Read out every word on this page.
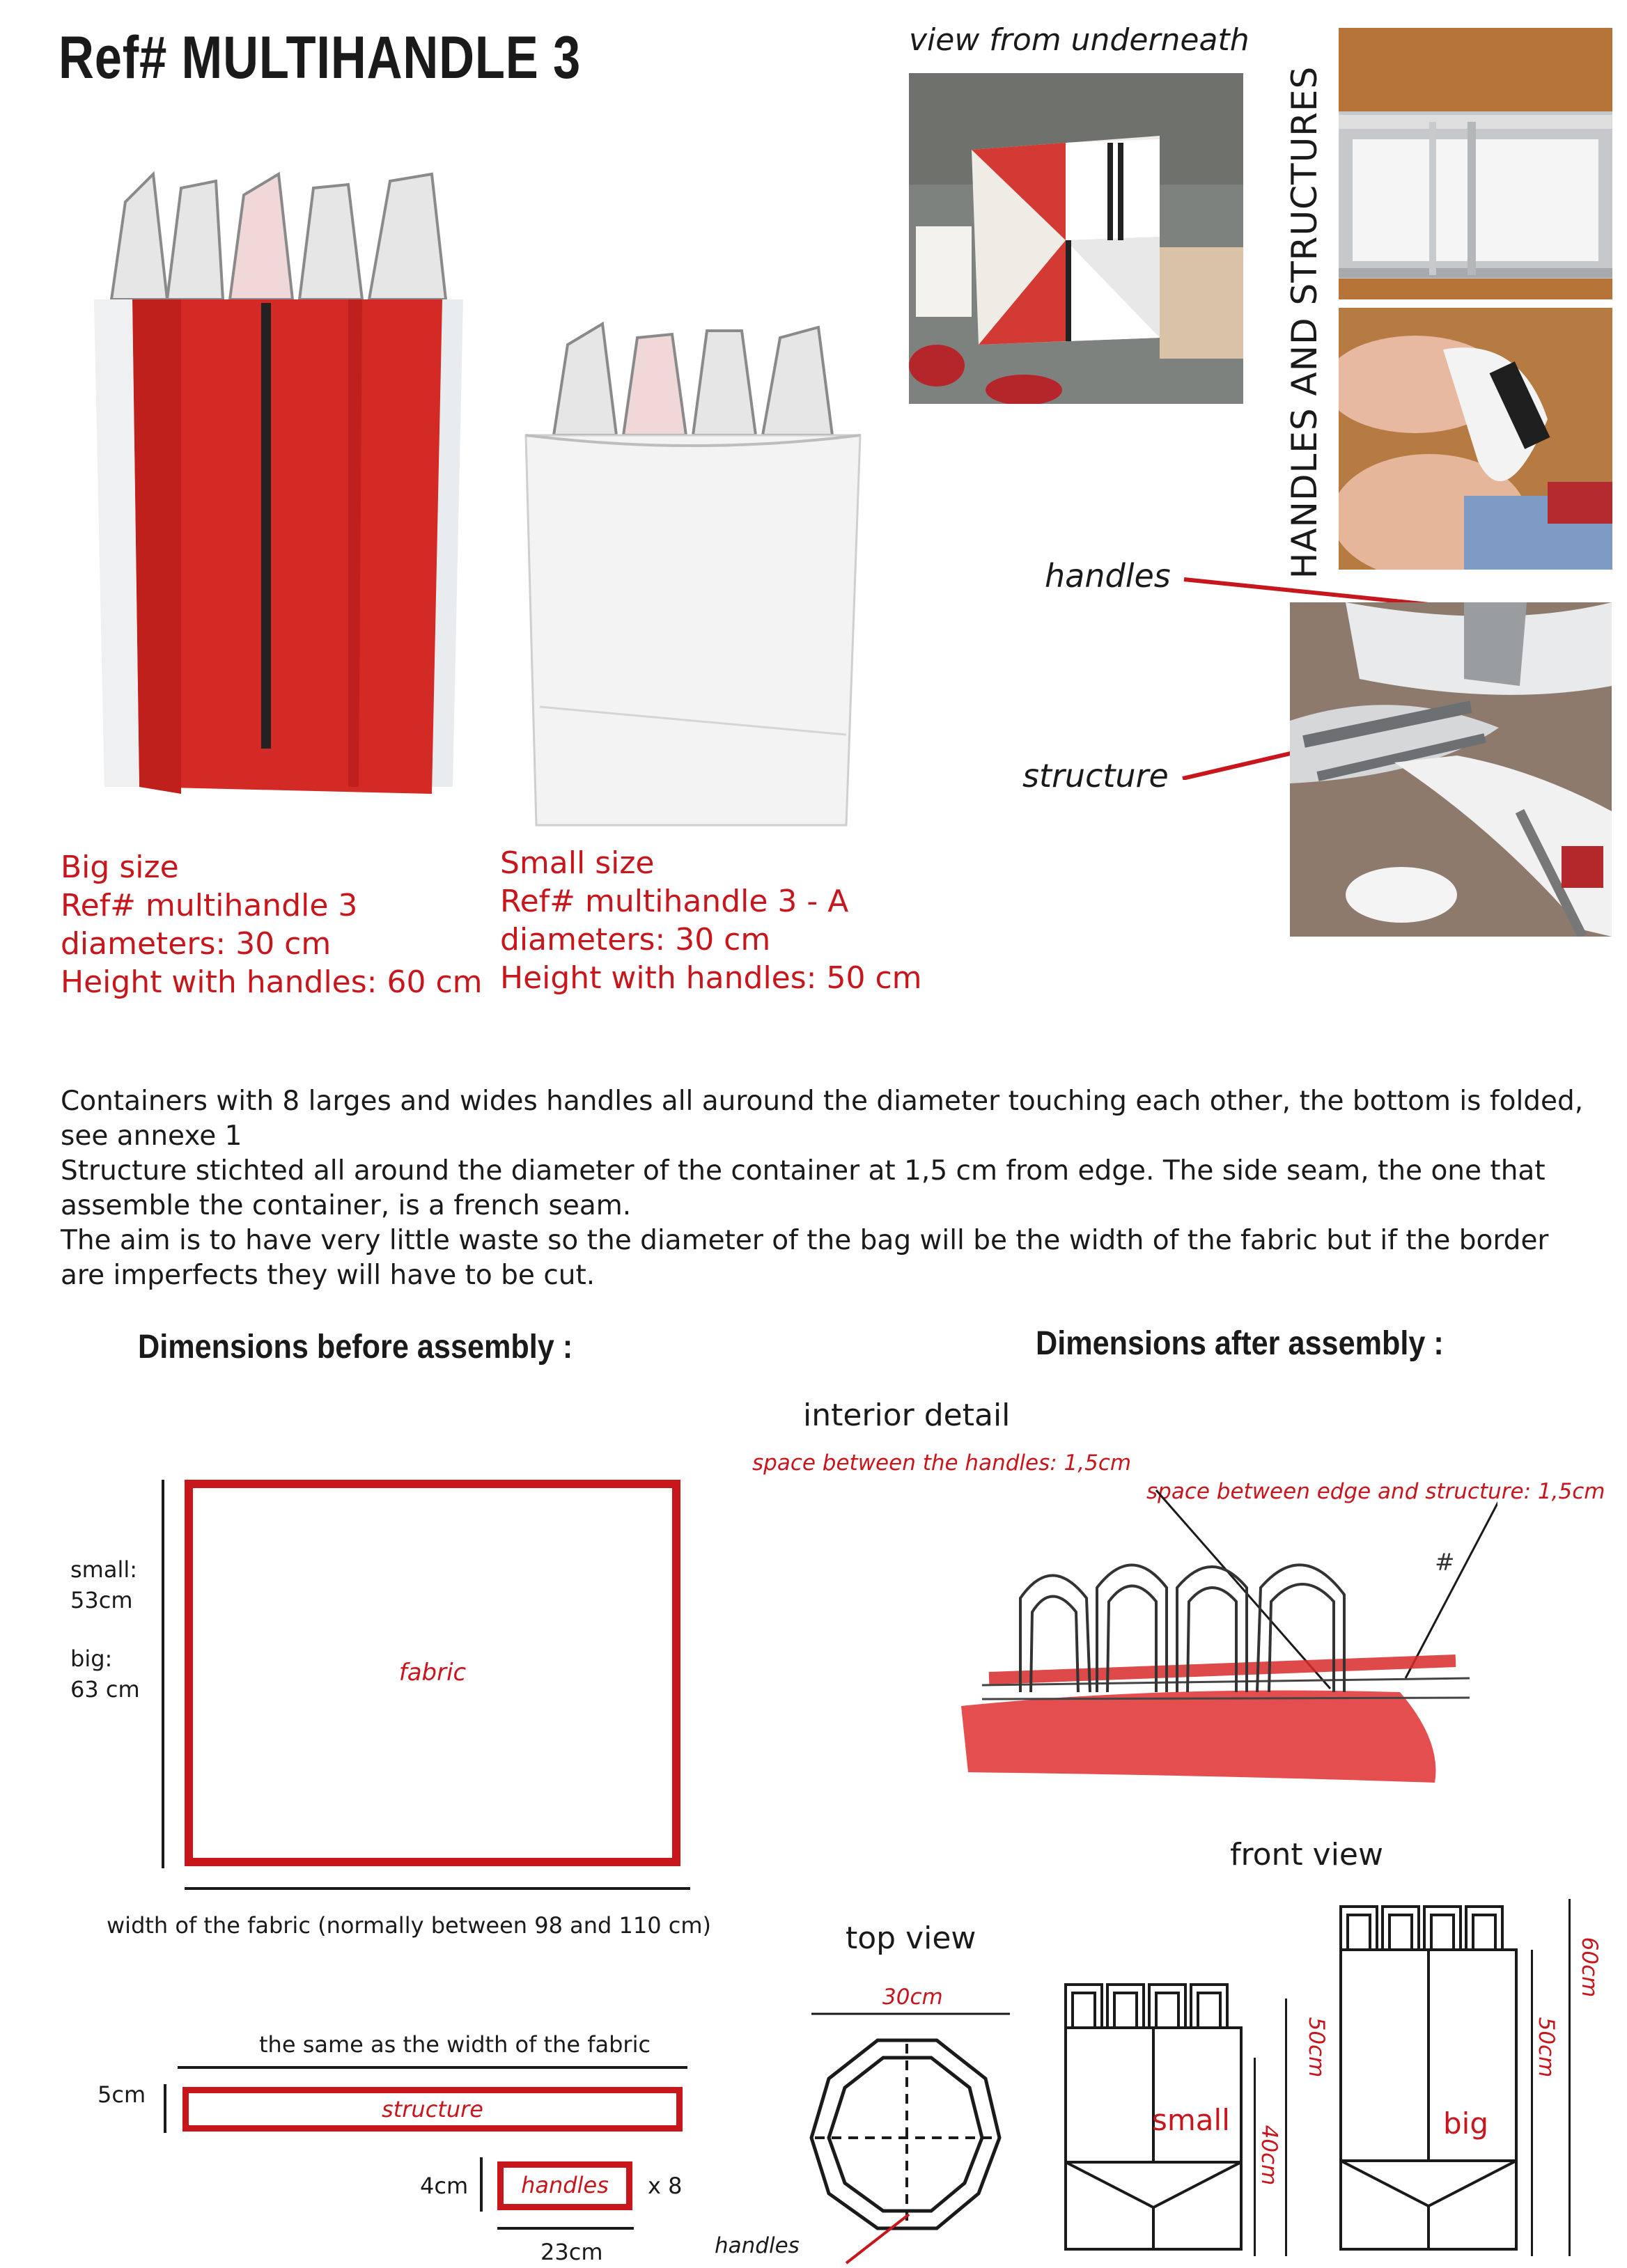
Ref# MULTIHANDLE 3
Big size
Ref# multihandle 3
diameters: 30 cm
Height with handles: 60 cm
Small size
Ref# multihandle 3 - A
diameters: 30 cm
Height with handles: 50 cm
view from underneath
HANDLES AND STRUCTURES
handles
structure
Containers with 8 larges and wides handles all auround the diameter touching each other, the bottom is folded, see annexe 1
Structure stichted all around the diameter of the container at 1,5 cm from edge. The side seam, the one that assemble the container, is a french seam.
The aim is to have very little waste so the diameter of the bag will be the width of the fabric but if the border are imperfects they will have to be cut.
Dimensions before assembly :
small:
53cm
big:
63 cm
fabric
width of the fabric (normally between 98 and 110 cm)
the same as the width of the fabric
5cm
structure
4cm	handles	x 8
23cm
Dimensions after assembly :
interior detail
space between the handles: 1,5cm
space between edge and structure: 1,5cm
#
front view
top view
30cm
handles
small
40cm
50cm
big
50cm
60cm
